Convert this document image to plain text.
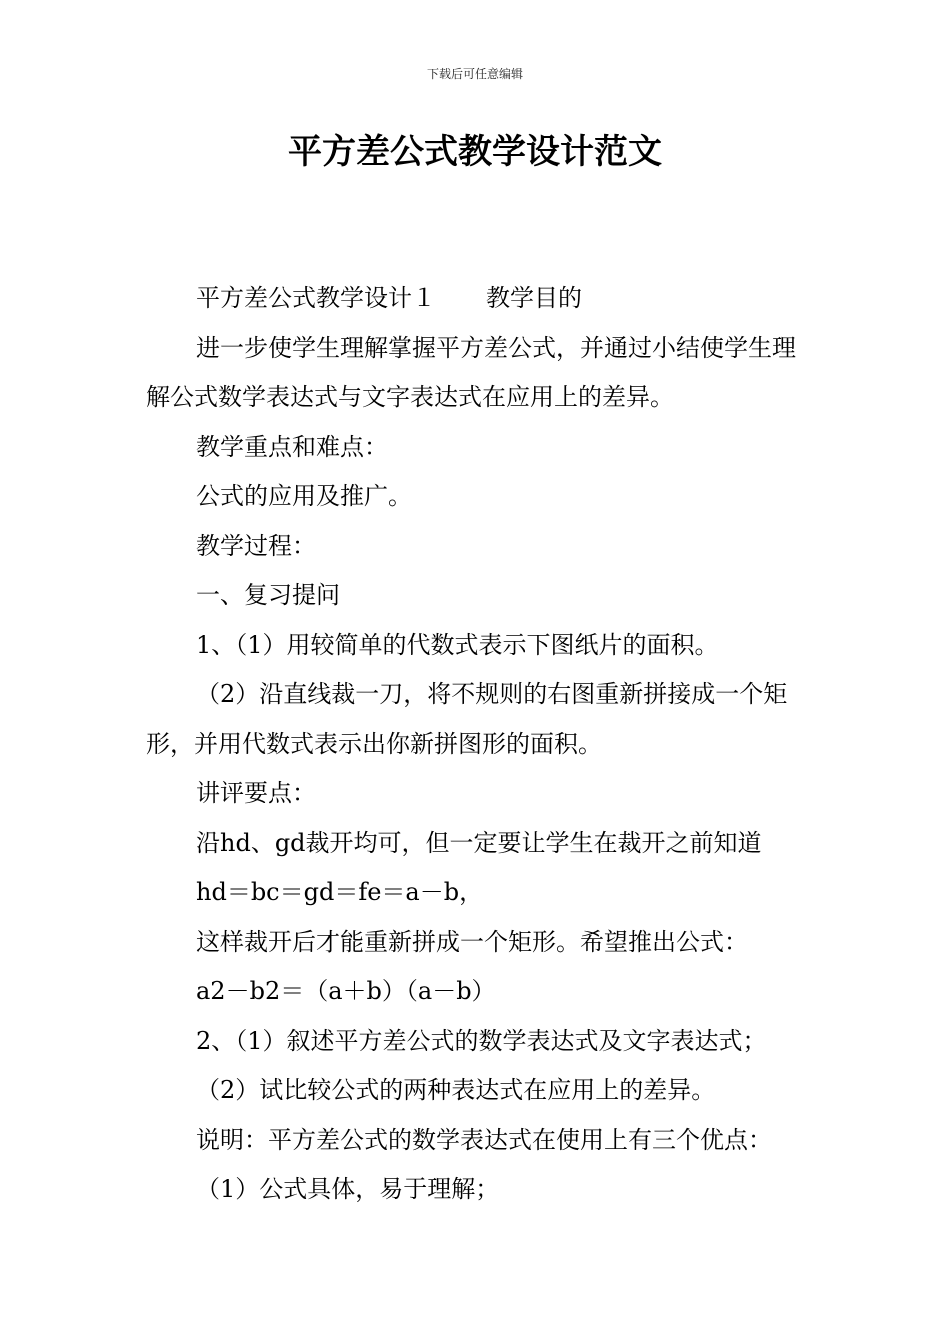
下载后可任意编辑
平方差公式教学设计范文

平方差公式教学设计１ 教学目的

进一步使学生理解掌握平方差公式，并通过小结使学生理解公式数学表达式与文字表达式在应用上的差异。

教学重点和难点：

公式的应用及推广。

教学过程：

一、复习提问

1、（1）用较简单的代数式表示下图纸片的面积。

（2）沿直线裁一刀，将不规则的右图重新拼接成一个矩形，并用代数式表示出你新拼图形的面积。

讲评要点：

沿hd、gd裁开均可，但一定要让学生在裁开之前知道

hd＝bc＝gd＝fe＝a－b，

这样裁开后才能重新拼成一个矩形。希望推出公式：

a2－b2＝（a＋b）（a－b）

2、（1）叙述平方差公式的数学表达式及文字表达式；

（2）试比较公式的两种表达式在应用上的差异。

说明：平方差公式的数学表达式在使用上有三个优点：

（1）公式具体，易于理解；
